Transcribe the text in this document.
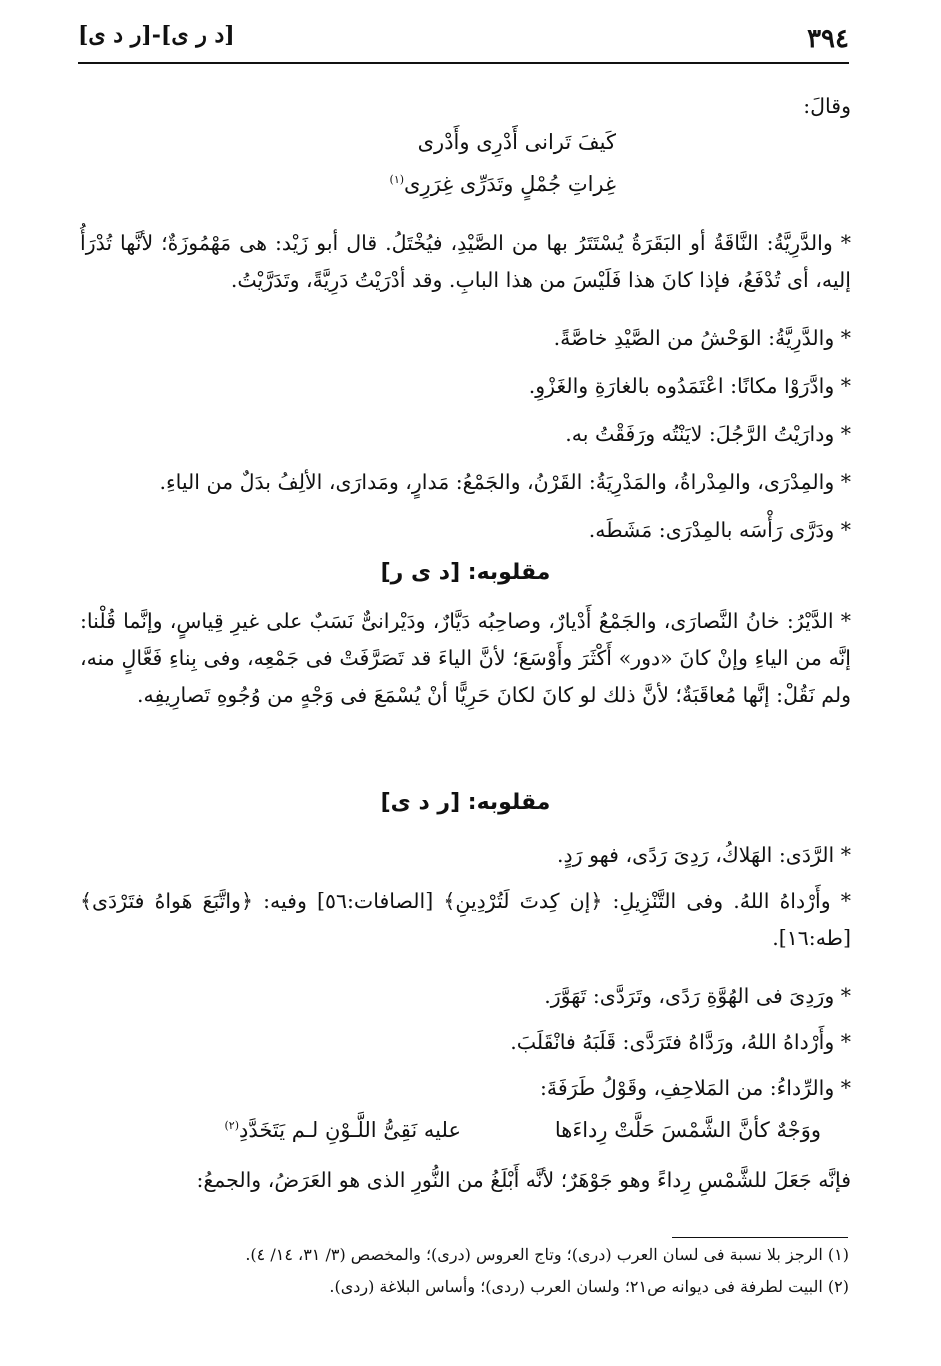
[د ر ى]-[ر د ى]	٣٩٤
وقالَ:
كَيفَ تَرانى أَدْرِى وأَدْرى
غِراتِ جُمْلٍ وتَدَرِّى غِرَرِى$^{(١)}$
* والدَّرِيَّةُ: النَّاقَةُ أو البَقَرَةُ يُسْتَتَرُ بها من الصَّيْدِ، فيُخْتَلُ. قال أبو زَيْد: هى مَهْمُوزَةٌ؛ لأنَّها تُدْرَأُ إليه، أى تُدْفَعُ، فإذا كانَ هذا فَلَيْسَ من هذا البابِ. وقد أدْرَيْتُ دَرِيَّةً، وتَدَرَّيْتُ.
* والدَّرِيَّةُ: الوَحْشُ من الصَّيْدِ خاصَّةً.
* وادَّرَوْا مكانًا: اعْتَمَدُوه بالغارَةِ والغَزْوِ.
* ودارَيْتُ الرَّجُلَ: لايَنْتُه ورَفَقْتُ به.
* والمِدْرَى، والمِدْراةُ، والمَدْرِيَةُ: القَرْنُ، والجَمْعُ: مَدارٍ، ومَدارَى، الألِفُ بدَلٌ من الياءِ.
* ودَرَّى رَأْسَه بالمِدْرَى: مَشَطَه.
مقلوبه: [د ى ر]
* الدَّيْرُ: خانُ النَّصارَى، والجَمْعُ أَدْيارٌ، وصاحِبُه دَيَّارٌ، ودَيْرانىٌّ نَسَبٌ على غيرِ قِياسٍ، وإنَّما قُلْنا: إنَّه من الياءِ وإنْ كانَ «دور» أَكْثَرَ وأَوْسَعَ؛ لأنَّ الياءَ قد تَصَرَّفَتْ فى جَمْعِه، وفى بِناءِ فَعَّالٍ منه، ولم نَقُلْ: إنَّها مُعاقَبَةٌ؛ لأنَّ ذلك لو كانَ لكانَ حَرِيًّا أنْ يُسْمَعَ فى وَجْهٍ من وُجُوهِ تَصارِيفِه.
مقلوبه: [ر د ى]
* الرَّدَى: الهَلاكُ، رَدِىَ رَدًى، فهو رَدٍ.
* وأَرْداهُ اللهُ. وفى التَّنْزِيلِ: ﴿إن كِدتَ لَتُرْدِينِ﴾ [الصافات:٥٦] وفيه: ﴿واتَّبَعَ هَواهُ فتَرْدَى﴾ [طه:١٦].
* ورَدِىَ فى الهُوَّةِ رَدًى، وتَرَدَّى: تَهَوَّرَ.
* وأَرْداهُ اللهُ، ورَدَّاهُ فتَرَدَّى: قَلَبَهُ فانْقَلَبَ.
* والرِّداءُ: من المَلاحِفِ، وقَوْلُ طَرَفَةَ:
ووَجْهٌ كأنَّ الشَّمْسَ حَلَّتْ رِداءَها
عليه نَقِىُّ اللَّـوْنِ لـم يَتَخَدَّدِ$^{(٢)}$
فإنَّه جَعَلَ للشَّمْسِ رِداءً وهو جَوْهَرٌ؛ لأنَّه أَبْلَغُ من النُّورِ الذى هو العَرَضُ، والجمعُ:
(١) الرجز بلا نسبة فى لسان العرب (درى)؛ وتاج العروس (درى)؛ والمخصص (٣/ ٣١، ١٤/ ٤).
(٢) البيت لطرفة فى ديوانه ص٢١؛ ولسان العرب (ردى)؛ وأساس البلاغة (ردى).
